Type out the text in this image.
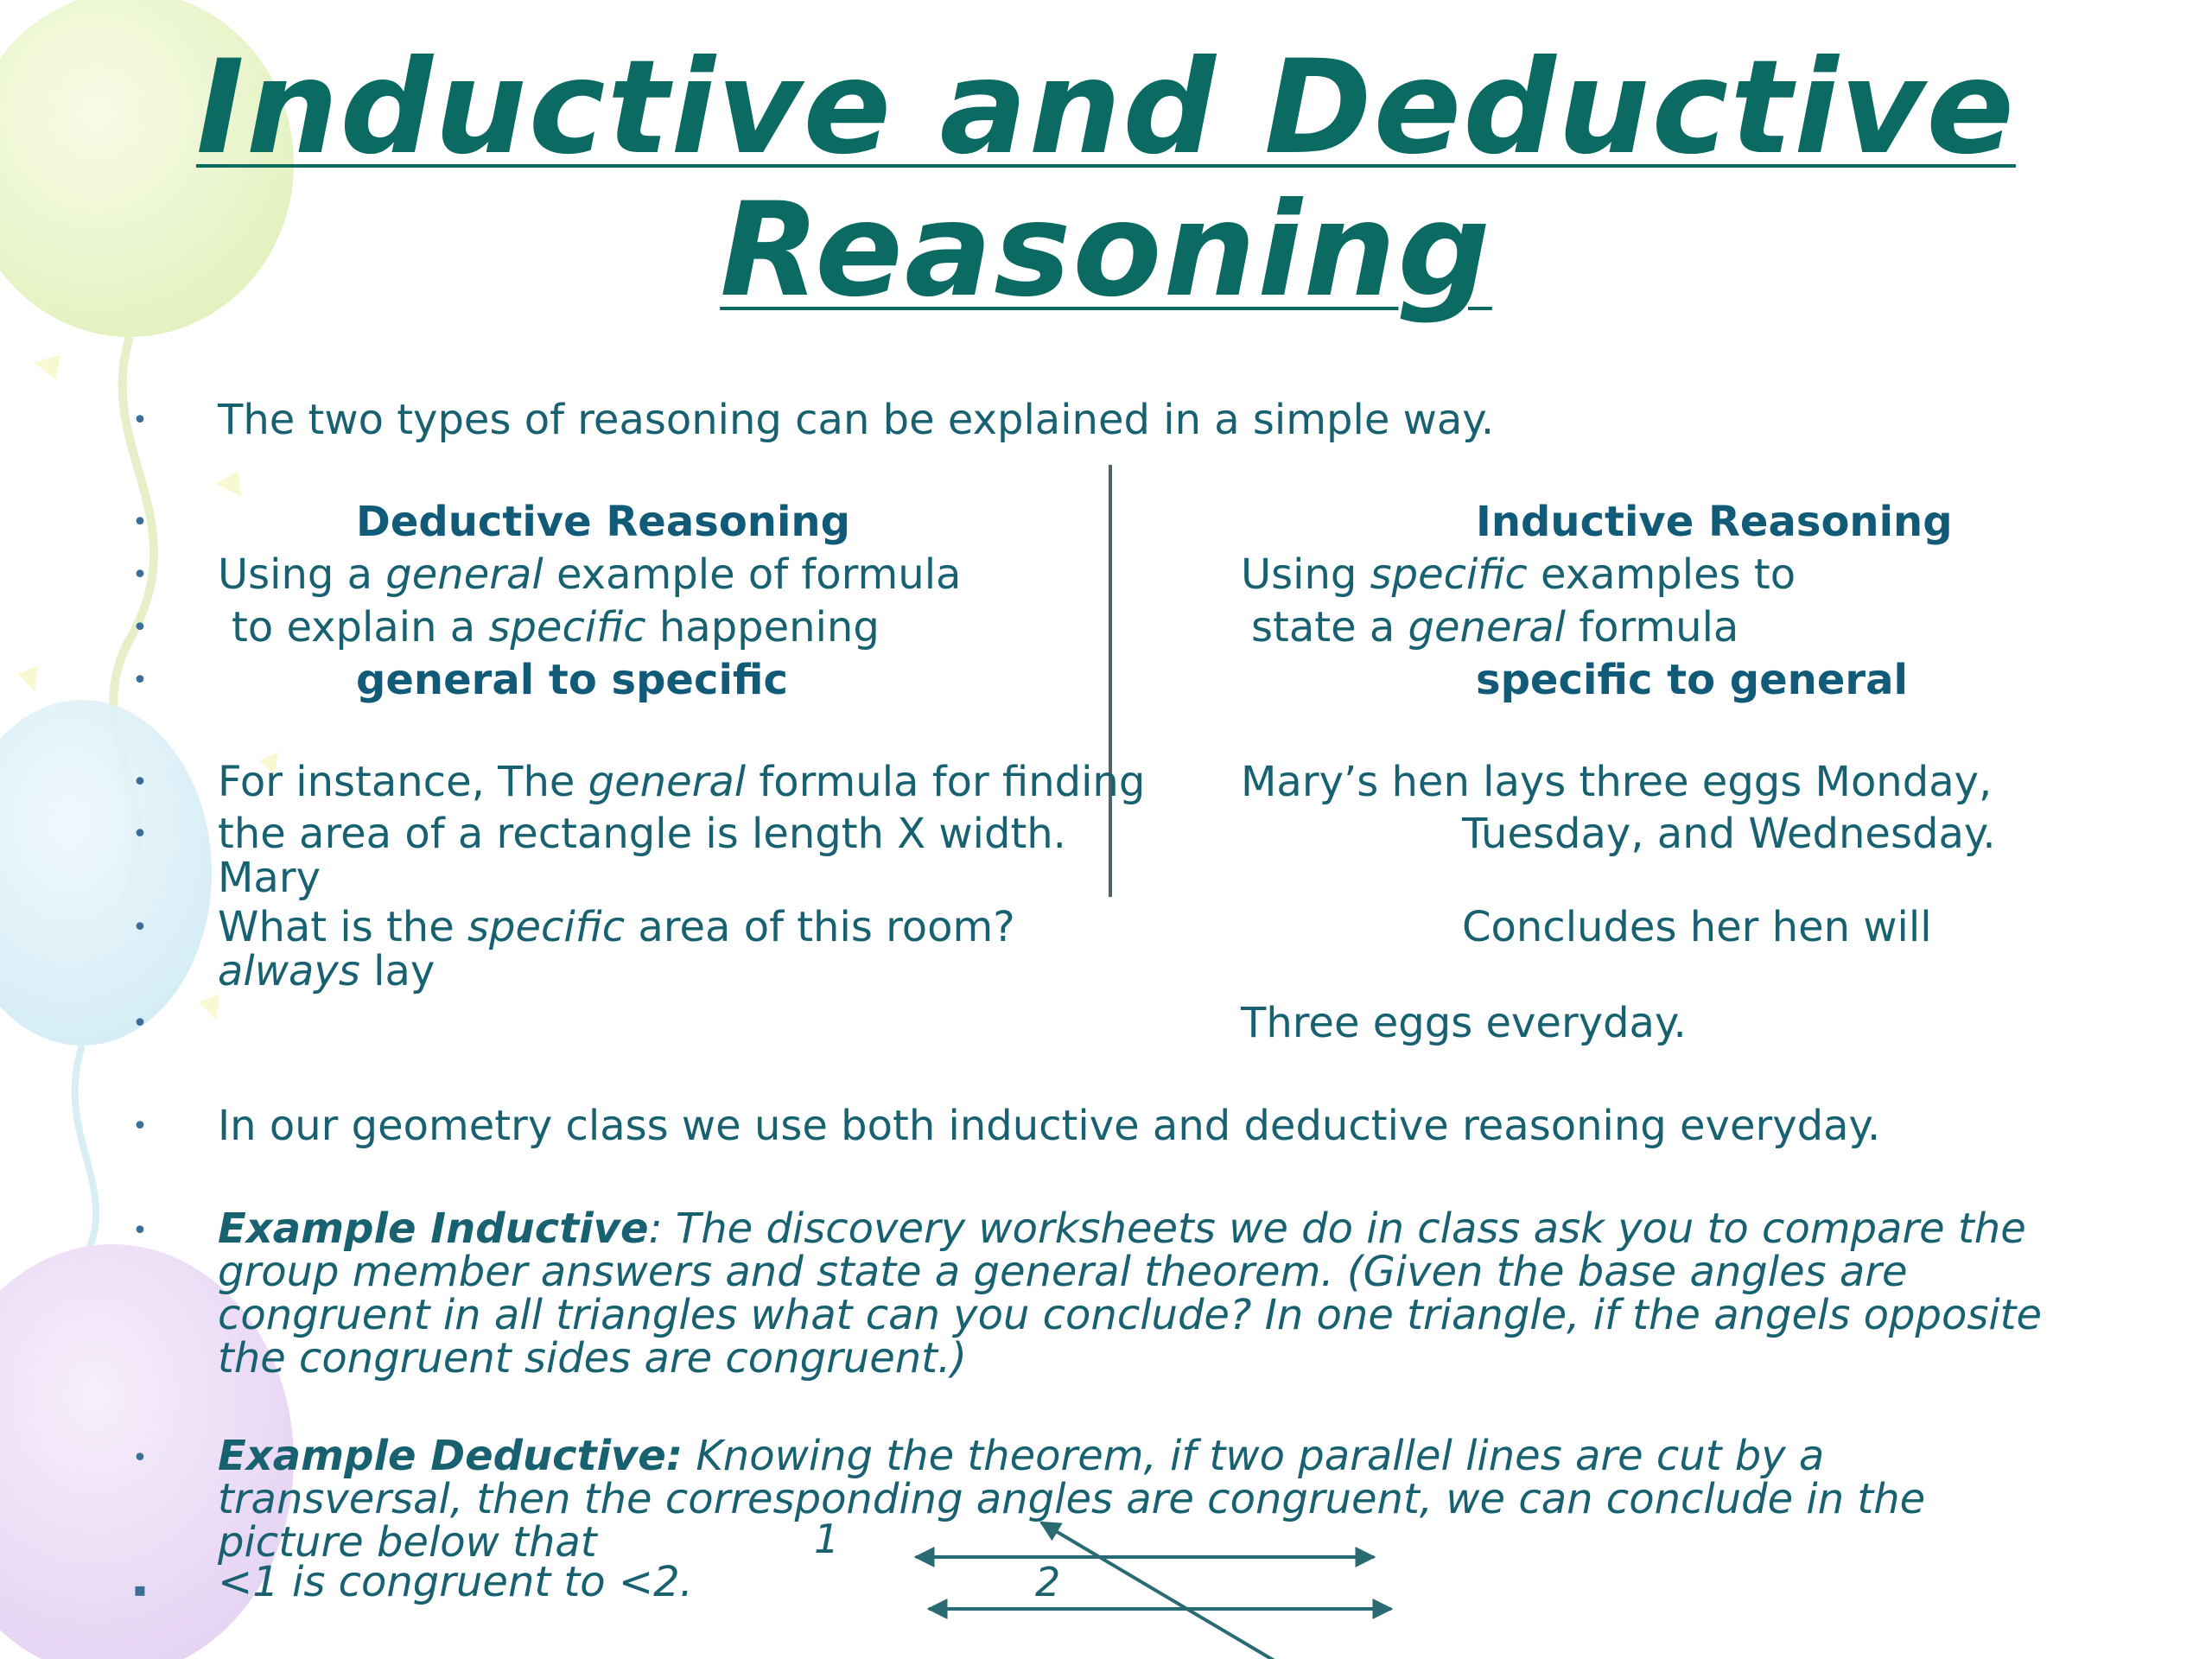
Inductive and Deductive
Reasoning
• The two types of reasoning can be explained in a simple way.
•	Deductive Reasoning
• Using a general example of formula
• to explain a specific happening
•	general to specific
• For instance, The general formula for finding
• the area of a rectangle is length X width.
Mary
• What is the specific area of this room?
always lay
•
Inductive Reasoning
Using specific examples to
state a general formula
specific to general
Mary’s hen lays three eggs Monday,
Tuesday, and Wednesday.
Concludes her hen will
Three eggs everyday.
• In our geometry class we use both inductive and deductive reasoning everyday.
• Example Inductive: The discovery worksheets we do in class ask you to compare the group member answers and state a general theorem. (Given the base angles are congruent in all triangles what can you conclude? In one triangle, if the angels opposite the congruent sides are congruent.)
• Example Deductive: Knowing the theorem, if two parallel lines are cut by a transversal, then the corresponding angles are congruent, we can conclude in the picture below that
▪ <1 is congruent to <2.
1
2
